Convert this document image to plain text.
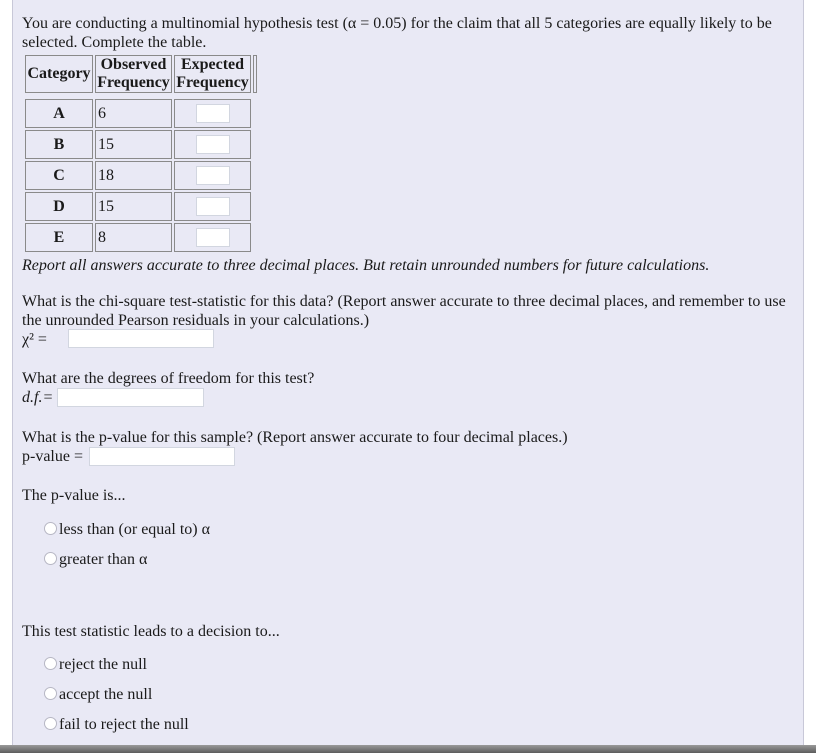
You are conducting a multinomial hypothesis test (α = 0.05) for the claim that all 5 categories are equally likely to be selected. Complete the table.
Category	Observed Frequency	Expected Frequency	

A	6		
B	15		
C	18		
D	15		
E	8		
Report all answers accurate to three decimal places. But retain unrounded numbers for future calculations.
What is the chi-square test-statistic for this data? (Report answer accurate to three decimal places, and remember to use the unrounded Pearson residuals in your calculations.)
χ² =
What are the degrees of freedom for this test?
d.f.=
What is the p-value for this sample? (Report answer accurate to four decimal places.)
p-value =
The p-value is...
less than (or equal to) α
greater than α
This test statistic leads to a decision to...
reject the null
accept the null
fail to reject the null
